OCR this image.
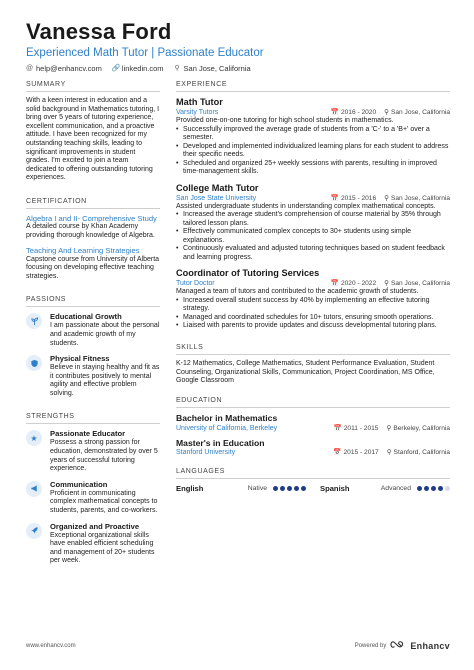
Vanessa Ford
Experienced Math Tutor | Passionate Educator
@ help@enhancv.com 🔗 linkedin.com ⚲ San Jose, California
SUMMARY
With a keen interest in education and a solid background in Mathematics tutoring, I bring over 5 years of tutoring experience, excellent communication, and a proactive attitude. I have been recognized for my outstanding teaching skills, leading to significant improvements in student grades. I'm excited to join a team dedicated to offering outstanding tutoring experiences.
CERTIFICATION
Algebra I and II- Comprehensive Study
A detailed course by Khan Academy providing thorough knowledge of Algebra.
Teaching And Learning Strategies
Capstone course from University of Alberta focusing on developing effective teaching strategies.
PASSIONS
Educational Growth
I am passionate about the personal and academic growth of my students.
Physical Fitness
Believe in staying healthy and fit as it contributes positively to mental agility and effective problem solving.
STRENGTHS
★	Passionate Educator
Possess a strong passion for education, demonstrated by over 5 years of successful tutoring experience.
Communication
Proficient in communicating complex mathematical concepts to students, parents, and co-workers.
Organized and Proactive
Exceptional organizational skills have enabled efficient scheduling and management of 20+ students per week.
EXPERIENCE
Math Tutor
Varsity Tutors	📅 2016 - 2020 ⚲ San Jose, California
Provided one-on-one tutoring for high school students in mathematics.
• Successfully improved the average grade of students from a 'C-' to a 'B+' over a semester.
• Developed and implemented individualized learning plans for each student to address their specific needs.
• Scheduled and organized 25+ weekly sessions with parents, resulting in improved time-management skills.
College Math Tutor
San Jose State University	📅 2015 - 2016 ⚲ San Jose, California
Assisted undergraduate students in understanding complex mathematical concepts.
• Increased the average student's comprehension of course material by 35% through tailored lesson plans.
• Effectively communicated complex concepts to 30+ students using simple explanations.
• Continuously evaluated and adjusted tutoring techniques based on student feedback and learning progress.
Coordinator of Tutoring Services
Tutor Doctor	📅 2020 - 2022 ⚲ San Jose, California
Managed a team of tutors and contributed to the academic growth of students.
• Increased overall student success by 40% by implementing an effective tutoring strategy.
• Managed and coordinated schedules for 10+ tutors, ensuring smooth operations.
• Liaised with parents to provide updates and discuss developmental tutoring plans.
SKILLS
K-12 Mathematics, College Mathematics, Student Performance Evaluation, Student Counseling, Organizational Skills, Communication, Project Coordination, MS Office, Google Classroom
EDUCATION
Bachelor in Mathematics
University of California, Berkeley	📅 2011 - 2015 ⚲ Berkeley, California
Master's in Education
Stanford University	📅 2015 - 2017 ⚲ Stanford, California
LANGUAGES
English	Native	Spanish	Advanced
www.enhancv.com	Powered by	Enhancv
